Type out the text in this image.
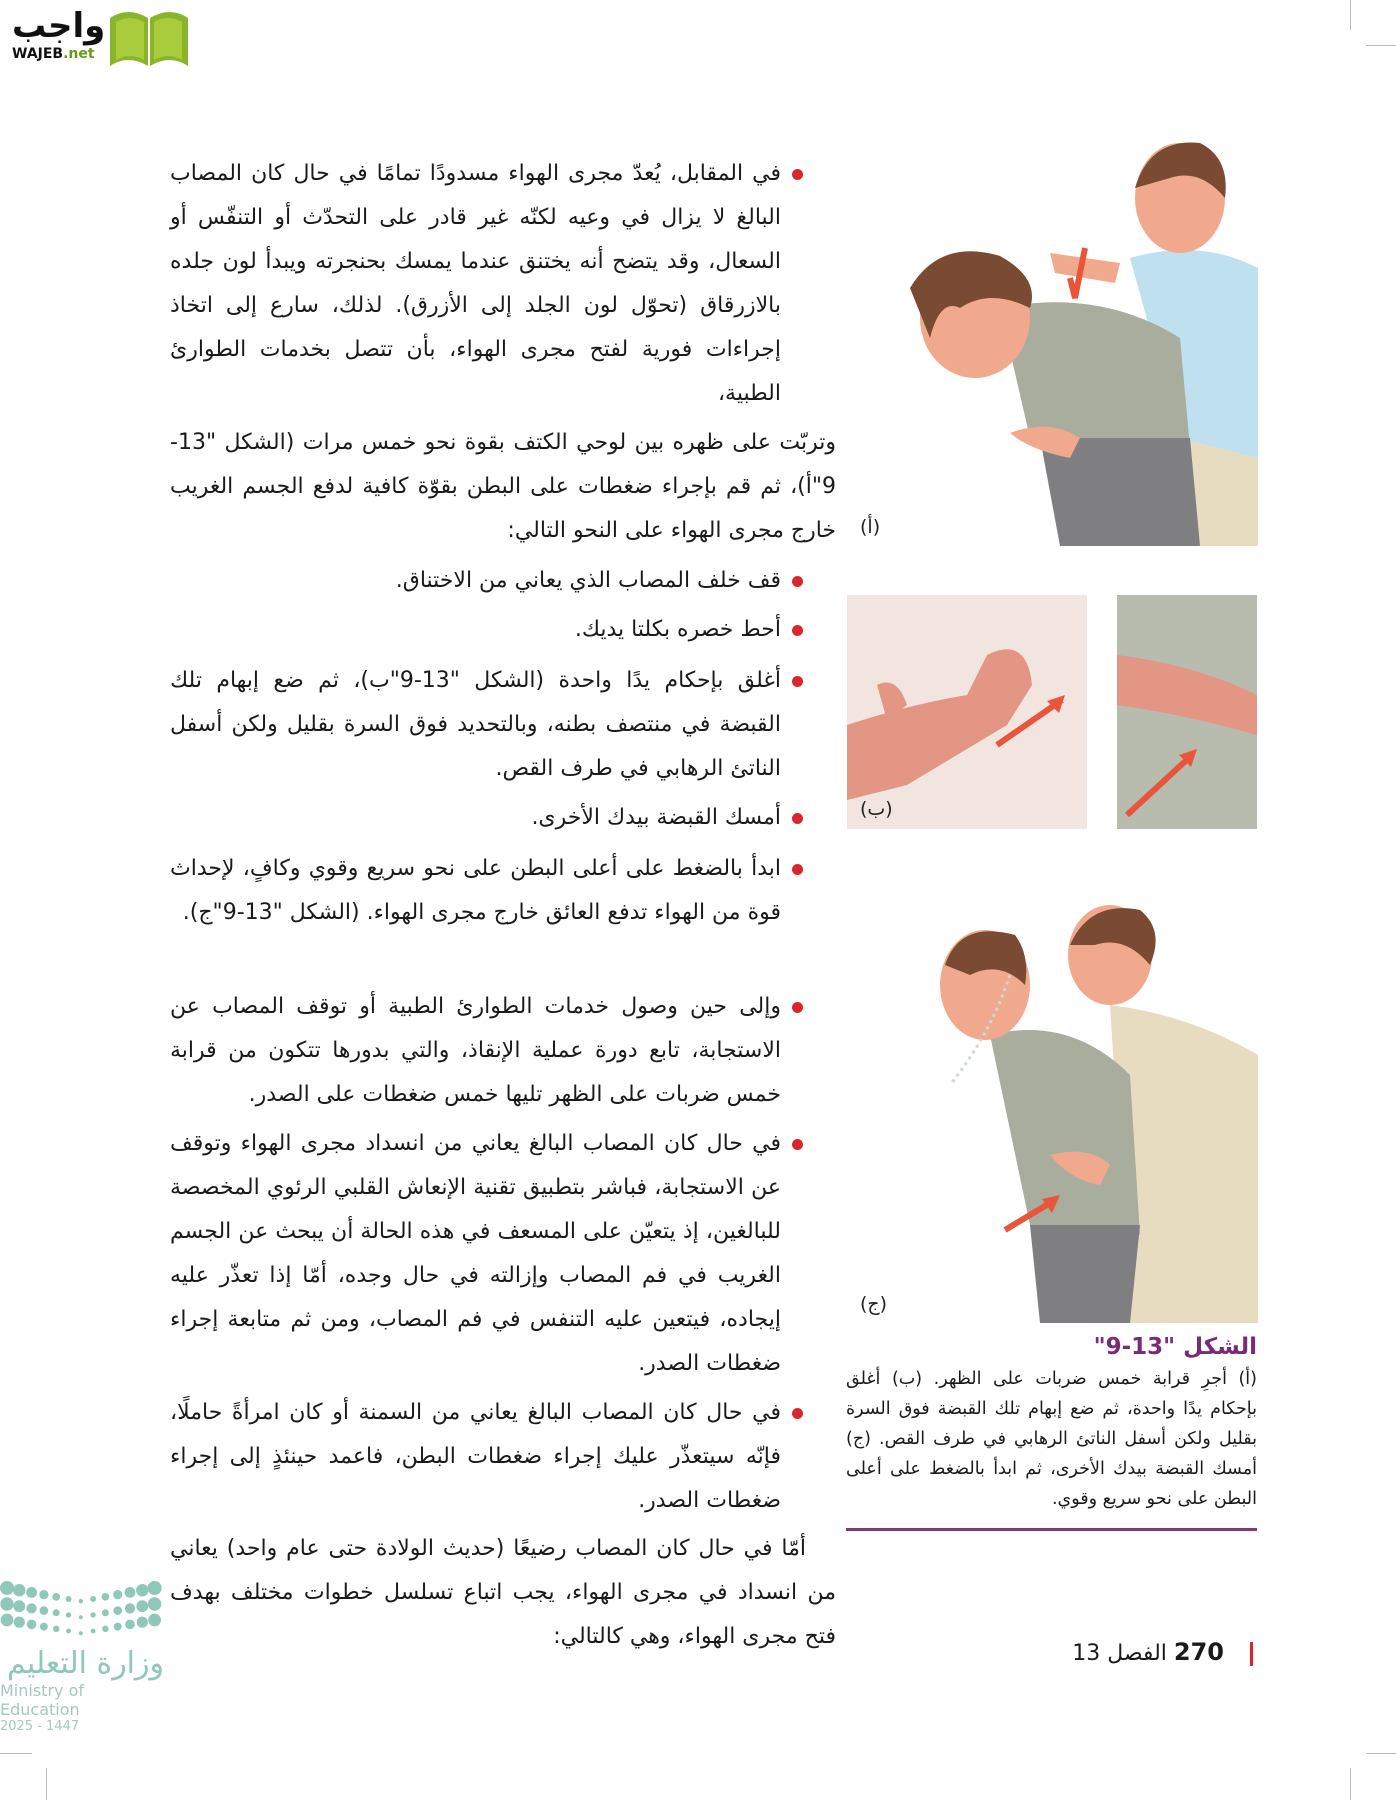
واجب
WAJEB.net
في المقابل، يُعدّ مجرى الهواء مسدودًا تمامًا في حال كان المصاب البالغ لا يزال في وعيه لكنّه غير قادر على التحدّث أو التنفّس أو السعال، وقد يتضح أنه يختنق عندما يمسك بحنجرته ويبدأ لون جلده بالازرقاق (تحوّل لون الجلد إلى الأزرق). لذلك، سارع إلى اتخاذ إجراءات فورية لفتح مجرى الهواء، بأن تتصل بخدمات الطوارئ الطبية،
وتربّت على ظهره بين لوحي الكتف بقوة نحو خمس مرات (الشكل "13-9"أ)، ثم قم بإجراء ضغطات على البطن بقوّة كافية لدفع الجسم الغريب خارج مجرى الهواء على النحو التالي:
قف خلف المصاب الذي يعاني من الاختناق.
أحط خصره بكلتا يديك.
أغلق بإحكام يدًا واحدة (الشكل "13-9"ب)، ثم ضع إبهام تلك القبضة في منتصف بطنه، وبالتحديد فوق السرة بقليل ولكن أسفل الناتئ الرهابي في طرف القص.
أمسك القبضة بيدك الأخرى.
ابدأ بالضغط على أعلى البطن على نحو سريع وقوي وكافٍ، لإحداث قوة من الهواء تدفع العائق خارج مجرى الهواء. (الشكل "13-9"ج).
وإلى حين وصول خدمات الطوارئ الطبية أو توقف المصاب عن الاستجابة، تابع دورة عملية الإنقاذ، والتي بدورها تتكون من قرابة خمس ضربات على الظهر تليها خمس ضغطات على الصدر.
في حال كان المصاب البالغ يعاني من انسداد مجرى الهواء وتوقف عن الاستجابة، فباشر بتطبيق تقنية الإنعاش القلبي الرئوي المخصصة للبالغين، إذ يتعيّن على المسعف في هذه الحالة أن يبحث عن الجسم الغريب في فم المصاب وإزالته في حال وجده، أمّا إذا تعذّر عليه إيجاده، فيتعين عليه التنفس في فم المصاب، ومن ثم متابعة إجراء ضغطات الصدر.
في حال كان المصاب البالغ يعاني من السمنة أو كان امرأةً حاملًا، فإنّه سيتعذّر عليك إجراء ضغطات البطن، فاعمد حينئذٍ إلى إجراء ضغطات الصدر.
أمّا في حال كان المصاب رضيعًا (حديث الولادة حتى عام واحد) يعاني من انسداد في مجرى الهواء، يجب اتباع تسلسل خطوات مختلف بهدف فتح مجرى الهواء، وهي كالتالي:
(أ)
(ب)
(ج)
الشكل "13-9"
(أ) أجرِ قرابة خمس ضربات على الظهر. (ب) أغلق بإحكام يدًا واحدة، ثم ضع إبهام تلك القبضة فوق السرة بقليل ولكن أسفل الناتئ الرهابي في طرف القص. (ج) أمسك القبضة بيدك الأخرى، ثم ابدأ بالضغط على أعلى البطن على نحو سريع وقوي.
270 الفصل 13
وزارة التعليم
Ministry of Education
2025 - 1447
